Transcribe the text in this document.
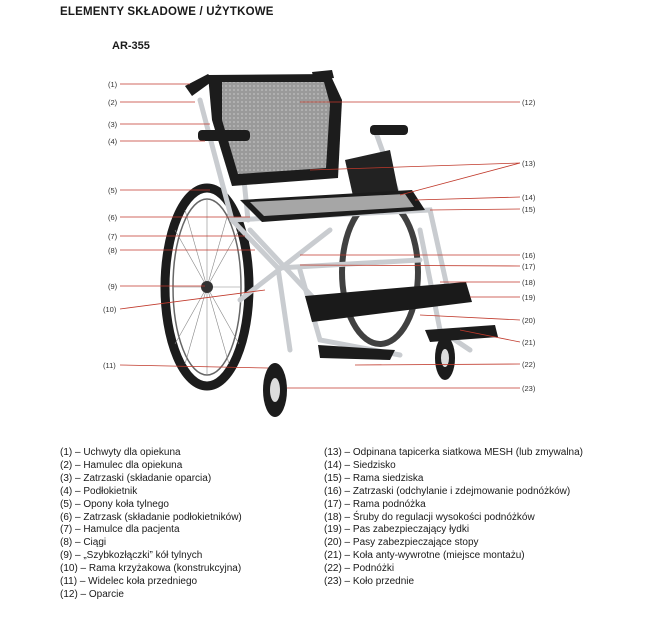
ELEMENTY SKŁADOWE / UŻYTKOWE
AR-355
(1)
(2)
(3)
(4)
(5)
(6)
(7)
(8)
(9)
(10)
(11)
(12)
(13)
(14)
(15)
(16)
(17)
(18)
(19)
(20)
(21)
(22)
(23)
(1) – Uchwyty dla opiekuna
(2) – Hamulec dla opiekuna
(3) – Zatrzaski (składanie oparcia)
(4) – Podłokietnik
(5) – Opony koła tylnego
(6) – Zatrzask (składanie podłokietników)
(7) – Hamulce dla pacjenta
(8) – Ciągi
(9) – „Szybkozłączki” kół tylnych
(10) – Rama krzyżakowa (konstrukcyjna)
(11) – Widelec koła przedniego
(12) – Oparcie
(13) – Odpinana tapicerka siatkowa MESH (lub zmywalna)
(14) – Siedzisko
(15) – Rama siedziska
(16) – Zatrzaski (odchylanie i zdejmowanie podnóżków)
(17) – Rama podnóżka
(18) – Śruby do regulacji wysokości podnóżków
(19) – Pas zabezpieczający łydki
(20) – Pasy zabezpieczające stopy
(21) – Koła anty-wywrotne (miejsce montażu)
(22) – Podnóżki
(23) – Koło przednie
